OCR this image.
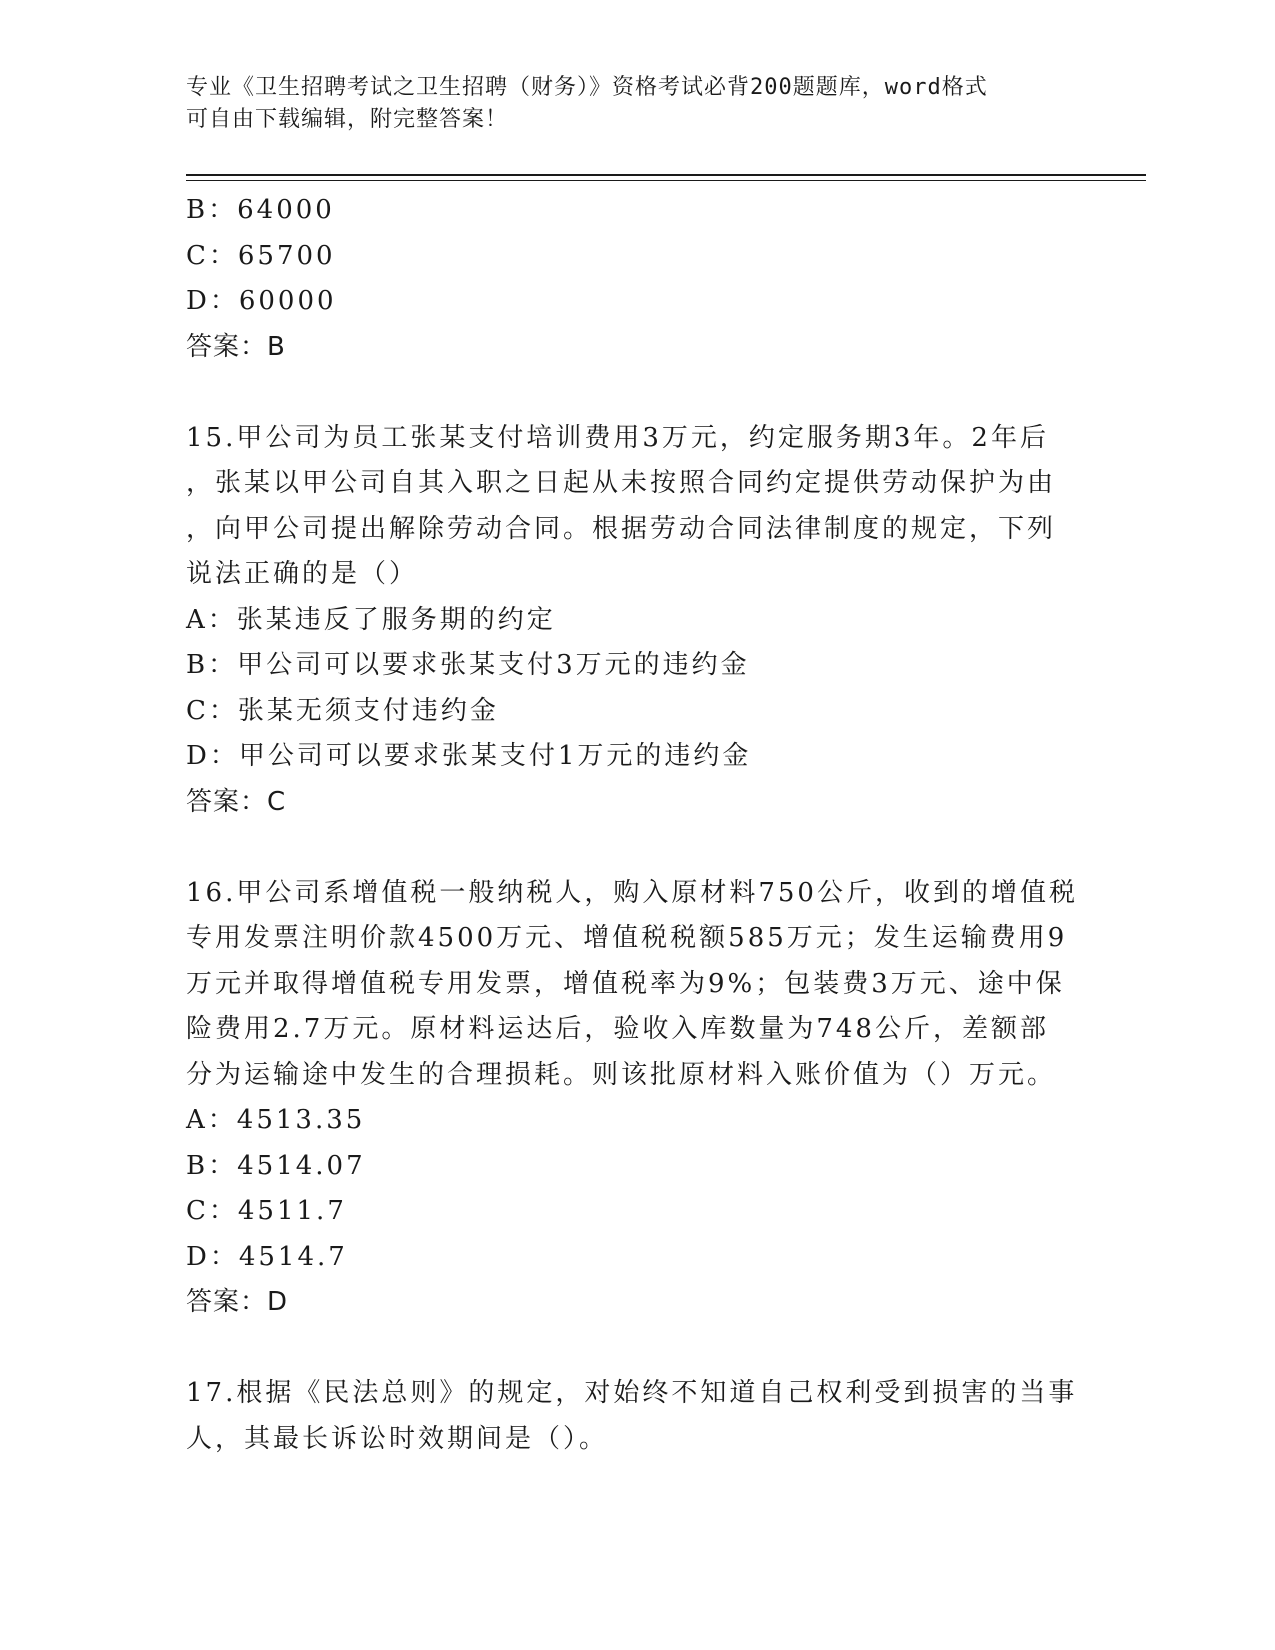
专业《卫生招聘考试之卫生招聘（财务）》资格考试必背200题题库，word格式
可自由下载编辑，附完整答案！
B：64000
C：65700
D：60000
答案：B
15.甲公司为员工张某支付培训费用3万元，约定服务期3年。2年后
，张某以甲公司自其入职之日起从未按照合同约定提供劳动保护为由
，向甲公司提出解除劳动合同。根据劳动合同法律制度的规定，下列
说法正确的是（）
A：张某违反了服务期的约定
B：甲公司可以要求张某支付3万元的违约金
C：张某无须支付违约金
D：甲公司可以要求张某支付1万元的违约金
答案：C
16.甲公司系增值税一般纳税人，购入原材料750公斤，收到的增值税
专用发票注明价款4500万元、增值税税额585万元；发生运输费用9
万元并取得增值税专用发票，增值税率为9%；包装费3万元、途中保
险费用2.7万元。原材料运达后，验收入库数量为748公斤，差额部
分为运输途中发生的合理损耗。则该批原材料入账价值为（）万元。
A：4513.35
B：4514.07
C：4511.7
D：4514.7
答案：D
17.根据《民法总则》的规定，对始终不知道自己权利受到损害的当事
人，其最长诉讼时效期间是（）。
